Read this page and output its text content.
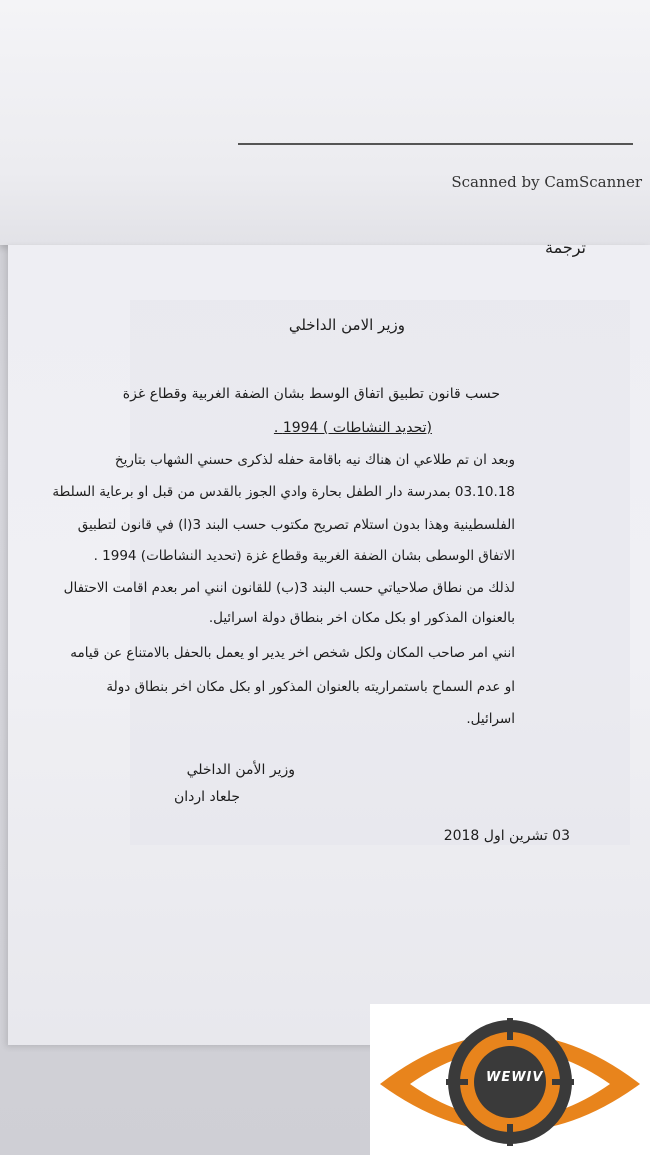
Scanned by CamScanner
ترجمة
وزير الامن الداخلي
حسب قانون تطبيق اتفاق الوسط بشان الضفة الغربية وقطاع غزة
(تحديد النشاطات ) 1994 .
وبعد ان تم طلاعي ان هناك نيه باقامة حفله لذكرى حسني الشهاب بتاريخ
03.10.18 بمدرسة دار الطفل بحارة وادي الجوز بالقدس من قبل او برعاية السلطة
الفلسطينية وهذا بدون استلام تصريح مكتوب حسب البند 3(ا) في قانون لتطبيق
الاتفاق الوسطى بشان الضفة الغربية وقطاع غزة (تحديد النشاطات) 1994 .
لذلك من نطاق صلاحياتي حسب البند 3(ب) للقانون انني امر بعدم اقامت الاحتفال
بالعنوان المذكور او بكل مكان اخر بنطاق دولة اسرائيل.
انني امر صاحب المكان ولكل شخص اخر يدير او يعمل بالحفل بالامتناع عن قيامه
او عدم السماح باستمراريته بالعنوان المذكور او بكل مكان اخر بنطاق دولة
اسرائيل.
وزير الأمن الداخلي
جلعاد اردان
03 تشرين اول 2018
WEWIV
